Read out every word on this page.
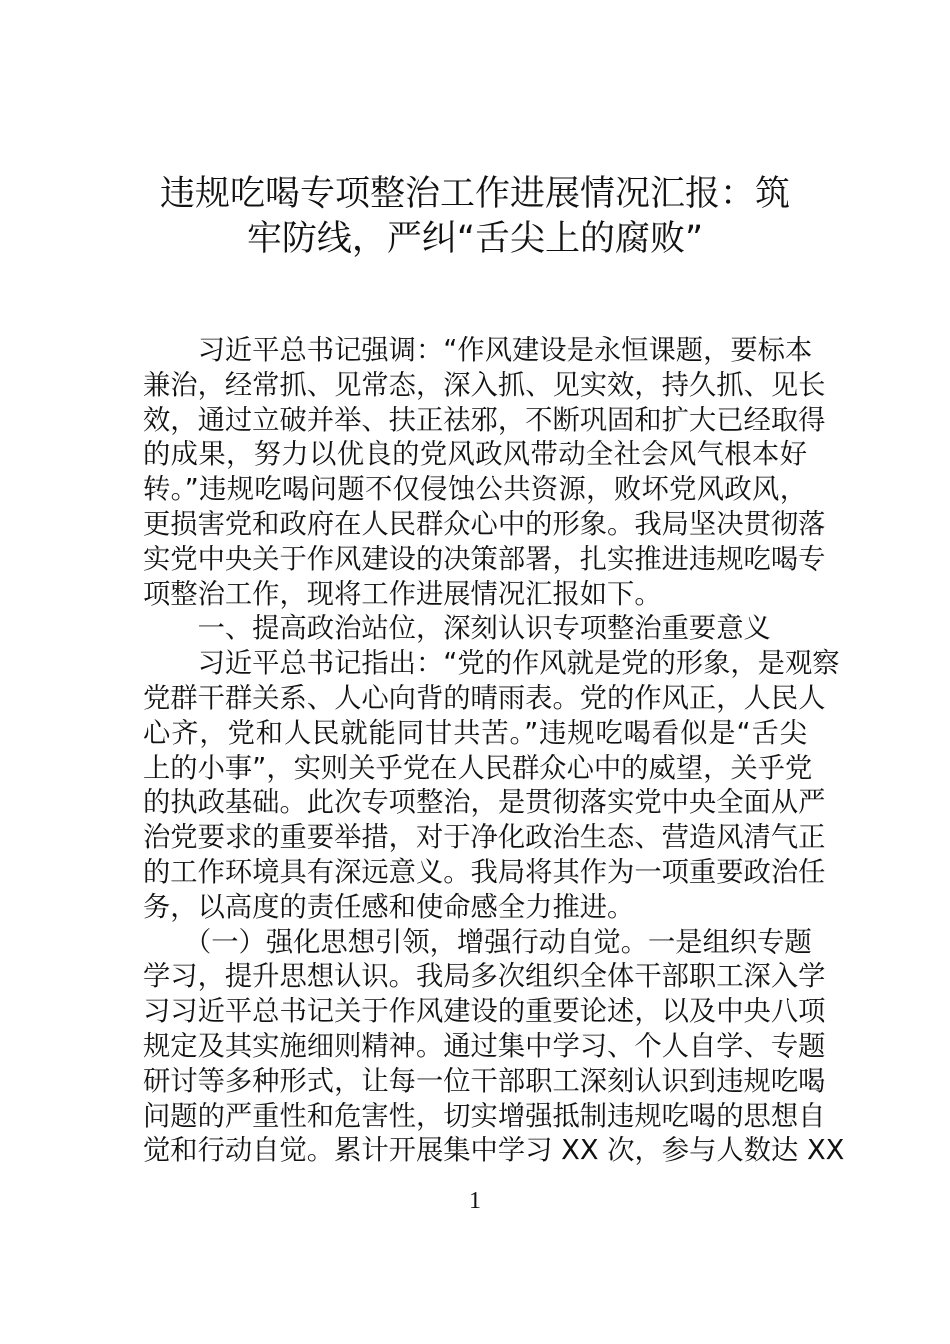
违规吃喝专项整治工作进展情况汇报：筑
牢防线，严纠“舌尖上的腐败”
　　习近平总书记强调：“作风建设是永恒课题，要标本
兼治，经常抓、见常态，深入抓、见实效，持久抓、见长
效，通过立破并举、扶正祛邪，不断巩固和扩大已经取得
的成果，努力以优良的党风政风带动全社会风气根本好
转。”违规吃喝问题不仅侵蚀公共资源，败坏党风政风，
更损害党和政府在人民群众心中的形象。我局坚决贯彻落
实党中央关于作风建设的决策部署，扎实推进违规吃喝专
项整治工作，现将工作进展情况汇报如下。
　　一、提高政治站位，深刻认识专项整治重要意义
　　习近平总书记指出：“党的作风就是党的形象，是观察
党群干群关系、人心向背的晴雨表。党的作风正，人民人
心齐，党和人民就能同甘共苦。”违规吃喝看似是“舌尖
上的小事”，实则关乎党在人民群众心中的威望，关乎党
的执政基础。此次专项整治，是贯彻落实党中央全面从严
治党要求的重要举措，对于净化政治生态、营造风清气正
的工作环境具有深远意义。我局将其作为一项重要政治任
务，以高度的责任感和使命感全力推进。
　　（一）强化思想引领，增强行动自觉。一是组织专题
学习，提升思想认识。我局多次组织全体干部职工深入学
习习近平总书记关于作风建设的重要论述，以及中央八项
规定及其实施细则精神。通过集中学习、个人自学、专题
研讨等多种形式，让每一位干部职工深刻认识到违规吃喝
问题的严重性和危害性，切实增强抵制违规吃喝的思想自
觉和行动自觉。累计开展集中学习 XX 次，参与人数达 XX
1
